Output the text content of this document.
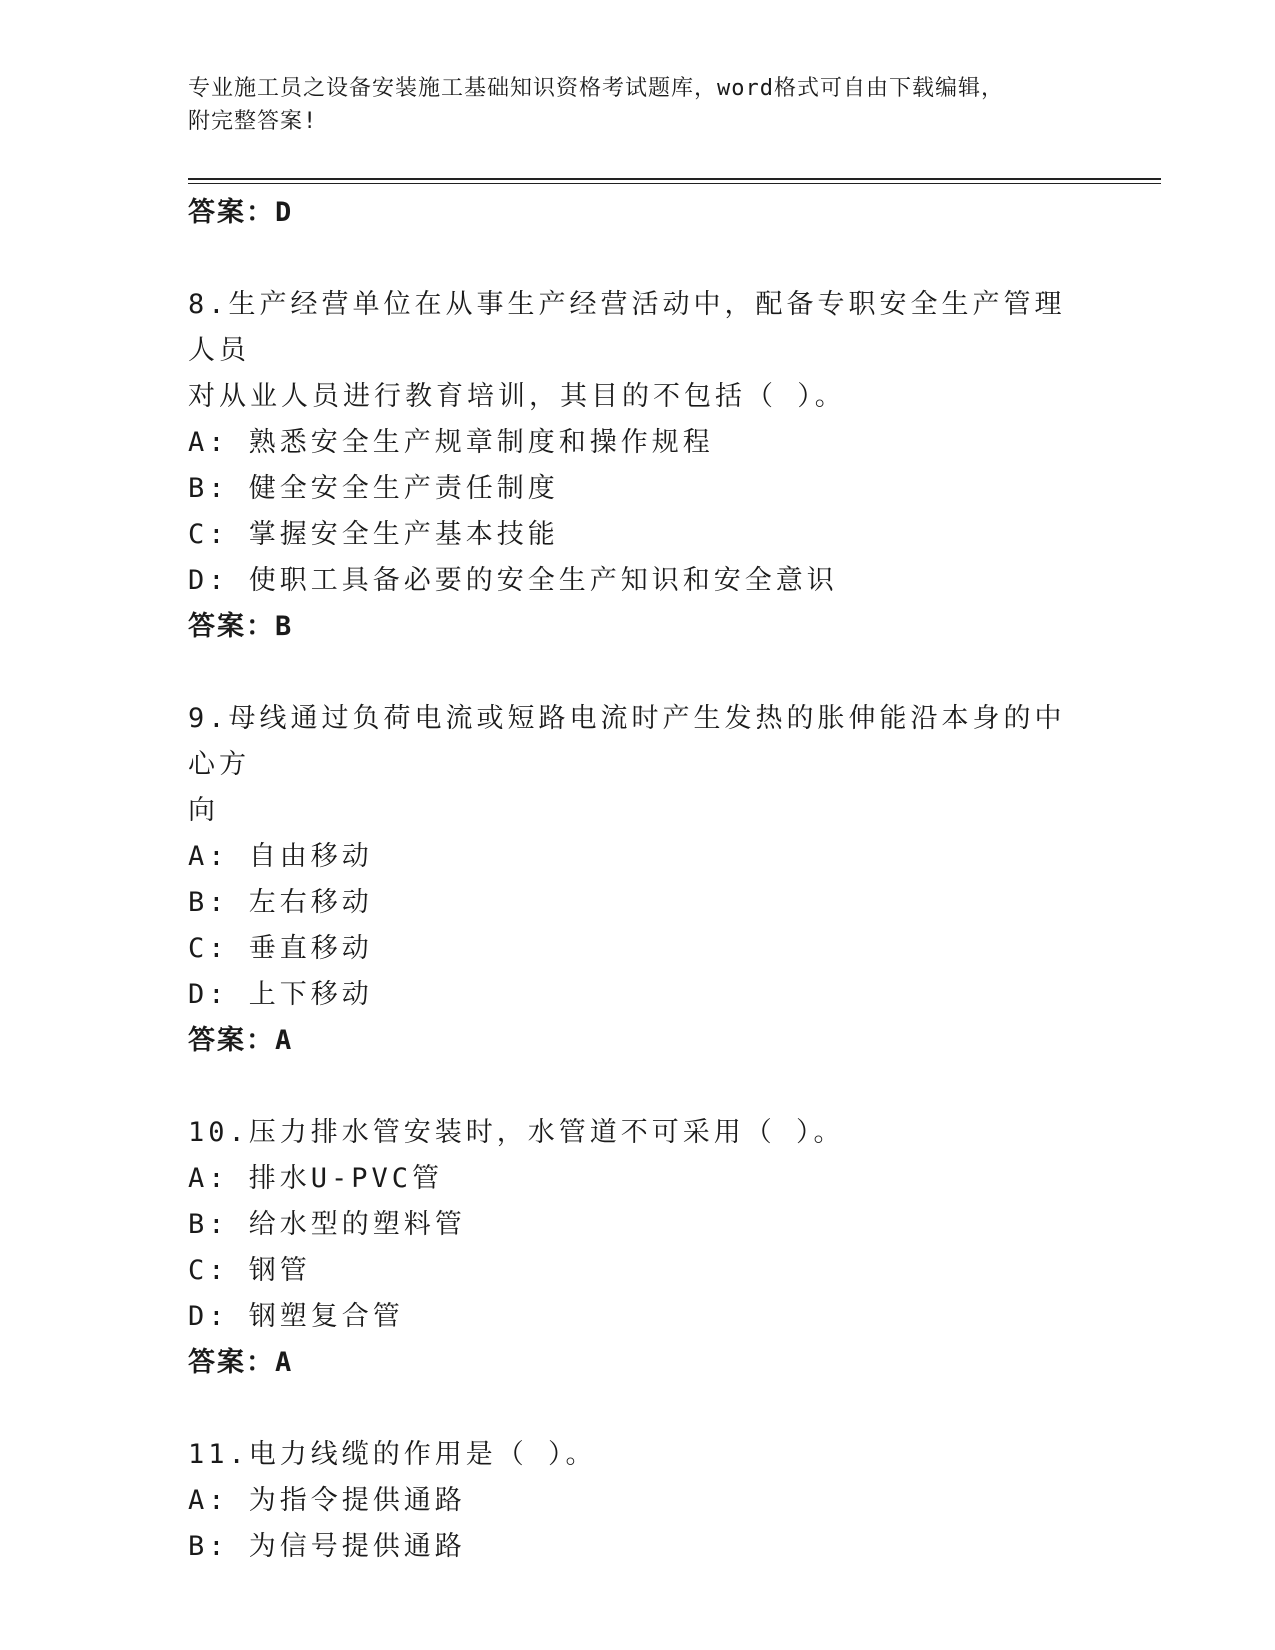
专业施工员之设备安装施工基础知识资格考试题库，word格式可自由下载编辑，
附完整答案!
答案：D
8.生产经营单位在从事生产经营活动中，配备专职安全生产管理人员
对从业人员进行教育培训，其目的不包括（ ）。
A: 熟悉安全生产规章制度和操作规程
B: 健全安全生产责任制度
C: 掌握安全生产基本技能
D: 使职工具备必要的安全生产知识和安全意识
答案：B
9.母线通过负荷电流或短路电流时产生发热的胀伸能沿本身的中心方
向
A: 自由移动
B: 左右移动
C: 垂直移动
D: 上下移动
答案：A
10.压力排水管安装时，水管道不可采用（ ）。
A: 排水U-PVC管
B: 给水型的塑料管
C: 钢管
D: 钢塑复合管
答案：A
11.电力线缆的作用是（ ）。
A: 为指令提供通路
B: 为信号提供通路
